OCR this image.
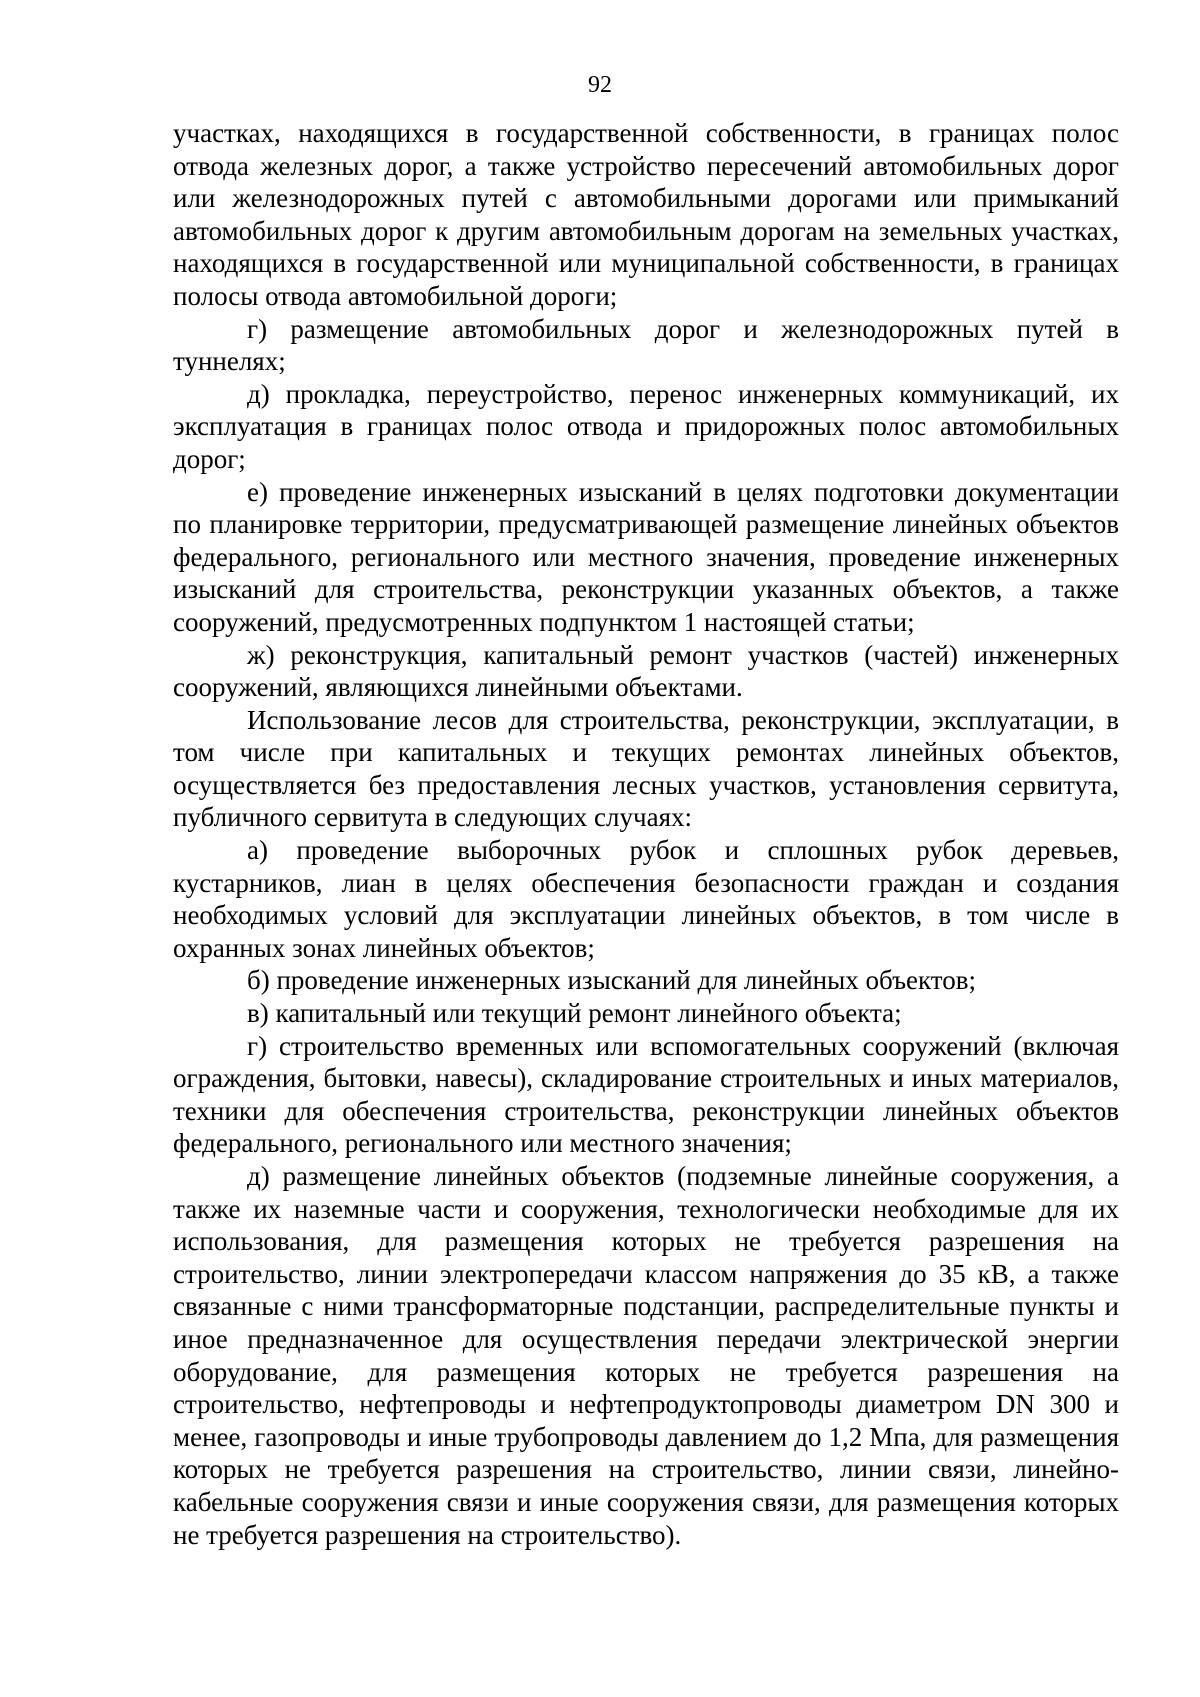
92

участках, находящихся в государственной собственности, в границах полос отвода железных дорог, а также устройство пересечений автомобильных дорог или железнодорожных путей с автомобильными дорогами или примыканий автомобильных дорог к другим автомобильным дорогам на земельных участках, находящихся в государственной или муниципальной собственности, в границах полосы отвода автомобильной дороги;

г) размещение автомобильных дорог и железнодорожных путей в туннелях;

д) прокладка, переустройство, перенос инженерных коммуникаций, их эксплуатация в границах полос отвода и придорожных полос автомобильных дорог;

е) проведение инженерных изысканий в целях подготовки документации по планировке территории, предусматривающей размещение линейных объектов федерального, регионального или местного значения, проведение инженерных изысканий для строительства, реконструкции указанных объектов, а также сооружений, предусмотренных подпунктом 1 настоящей статьи;

ж) реконструкция, капитальный ремонт участков (частей) инженерных сооружений, являющихся линейными объектами.

Использование лесов для строительства, реконструкции, эксплуатации, в том числе при капитальных и текущих ремонтах линейных объектов, осуществляется без предоставления лесных участков, установления сервитута, публичного сервитута в следующих случаях:

а) проведение выборочных рубок и сплошных рубок деревьев, кустарников, лиан в целях обеспечения безопасности граждан и создания необходимых условий для эксплуатации линейных объектов, в том числе в охранных зонах линейных объектов;

б) проведение инженерных изысканий для линейных объектов;

в) капитальный или текущий ремонт линейного объекта;

г) строительство временных или вспомогательных сооружений (включая ограждения, бытовки, навесы), складирование строительных и иных материалов, техники для обеспечения строительства, реконструкции линейных объектов федерального, регионального или местного значения;

д) размещение линейных объектов (подземные линейные сооружения, а также их наземные части и сооружения, технологически необходимые для их использования, для размещения которых не требуется разрешения на строительство, линии электропередачи классом напряжения до 35 кВ, а также связанные с ними трансформаторные подстанции, распределительные пункты и иное предназначенное для осуществления передачи электрической энергии оборудование, для размещения которых не требуется разрешения на строительство, нефтепроводы и нефтепродуктопроводы диаметром DN 300 и менее, газопроводы и иные трубопроводы давлением до 1,2 Мпа, для размещения которых не требуется разрешения на строительство, линии связи, линейно-кабельные сооружения связи и иные сооружения связи, для размещения которых не требуется разрешения на строительство).
